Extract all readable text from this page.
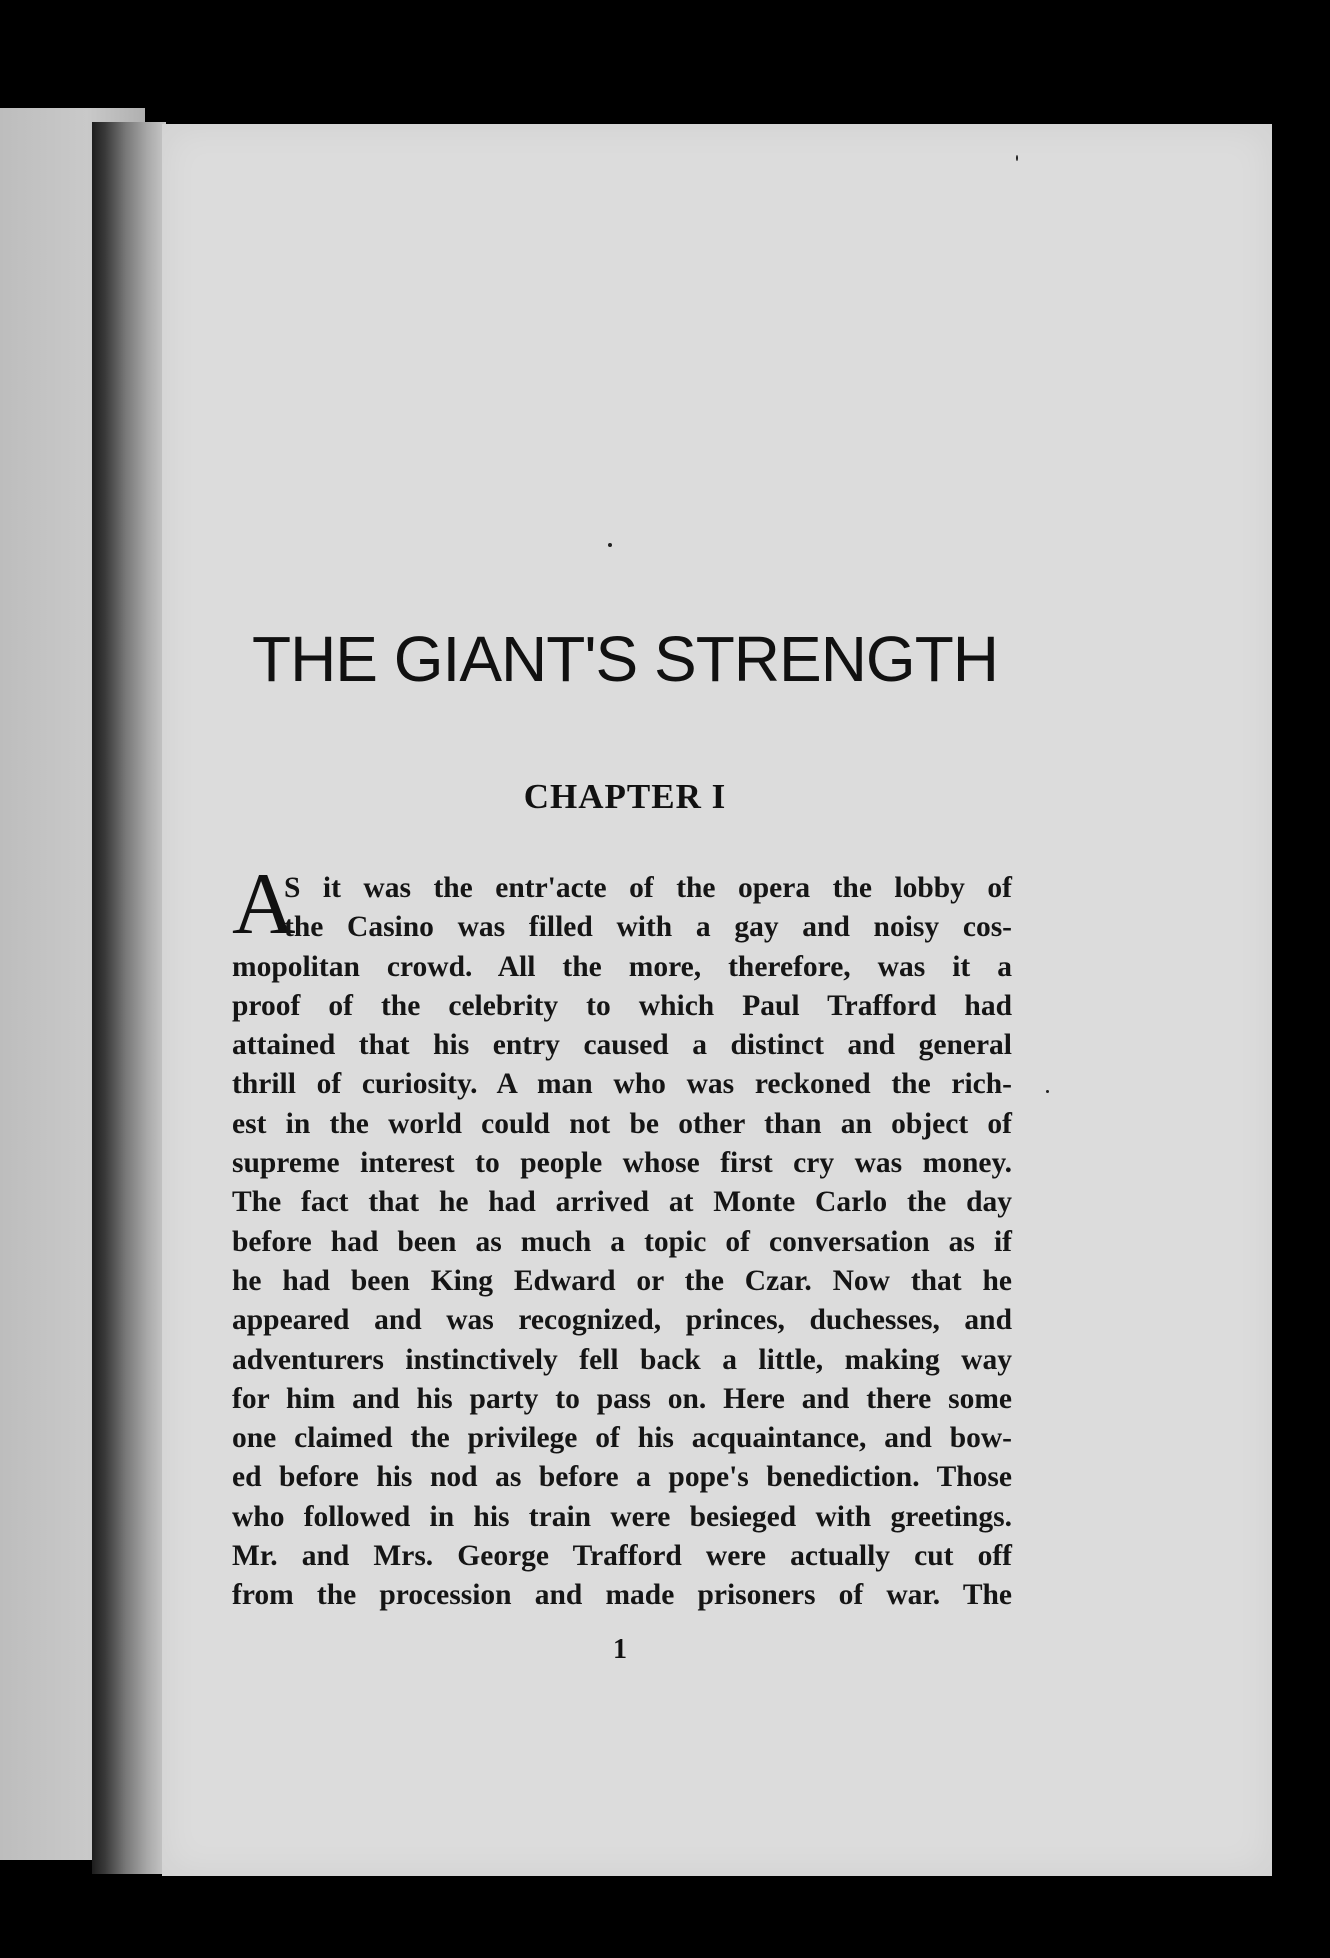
THE GIANT'S STRENGTH
CHAPTER I
A
S it was the entr'acte of the opera the lobby of
the Casino was filled with a gay and noisy cos-
mopolitan crowd. All the more, therefore, was it a
proof of the celebrity to which Paul Trafford had
attained that his entry caused a distinct and general
thrill of curiosity. A man who was reckoned the rich-
est in the world could not be other than an object of
supreme interest to people whose first cry was money.
The fact that he had arrived at Monte Carlo the day
before had been as much a topic of conversation as if
he had been King Edward or the Czar. Now that he
appeared and was recognized, princes, duchesses, and
adventurers instinctively fell back a little, making way
for him and his party to pass on. Here and there some
one claimed the privilege of his acquaintance, and bow-
ed before his nod as before a pope's benediction. Those
who followed in his train were besieged with greetings.
Mr. and Mrs. George Trafford were actually cut off
from the procession and made prisoners of war. The
1
